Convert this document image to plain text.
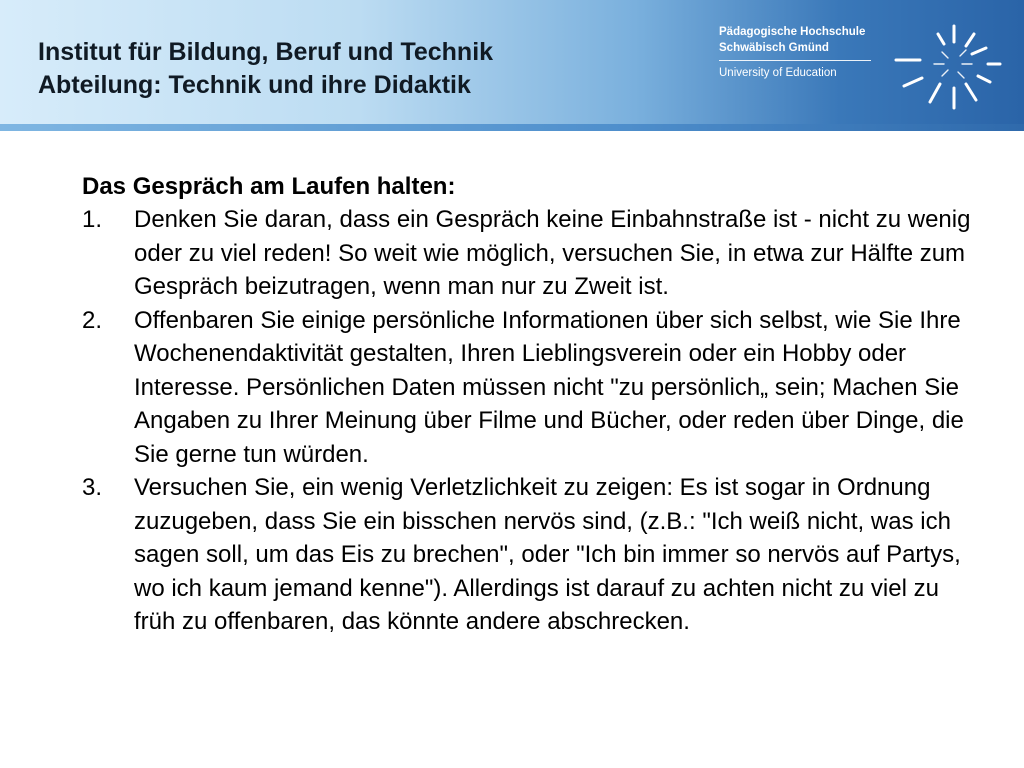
Institut für Bildung, Beruf und Technik
Abteilung: Technik und ihre Didaktik
Pädagogische Hochschule
Schwäbisch Gmünd
University of Education
Das Gespräch am Laufen halten:
1. Denken Sie daran, dass ein Gespräch keine Einbahnstraße ist - nicht zu wenig oder zu viel reden! So weit wie möglich, versuchen Sie, in etwa zur Hälfte zum Gespräch beizutragen, wenn man nur zu Zweit ist.
2. Offenbaren Sie einige persönliche Informationen über sich selbst, wie Sie Ihre Wochenendaktivität gestalten, Ihren Lieblingsverein oder ein Hobby oder Interesse. Persönlichen Daten müssen nicht "zu persönlich„ sein; Machen Sie Angaben zu Ihrer Meinung über Filme und Bücher, oder reden über Dinge, die Sie gerne tun würden.
3. Versuchen Sie, ein wenig Verletzlichkeit zu zeigen: Es ist sogar in Ordnung zuzugeben, dass Sie ein bisschen nervös sind, (z.B.: "Ich weiß nicht, was ich sagen soll, um das Eis zu brechen", oder "Ich bin immer so nervös auf Partys, wo ich kaum jemand kenne"). Allerdings ist darauf zu achten nicht zu viel zu früh zu offenbaren, das könnte andere abschrecken.
